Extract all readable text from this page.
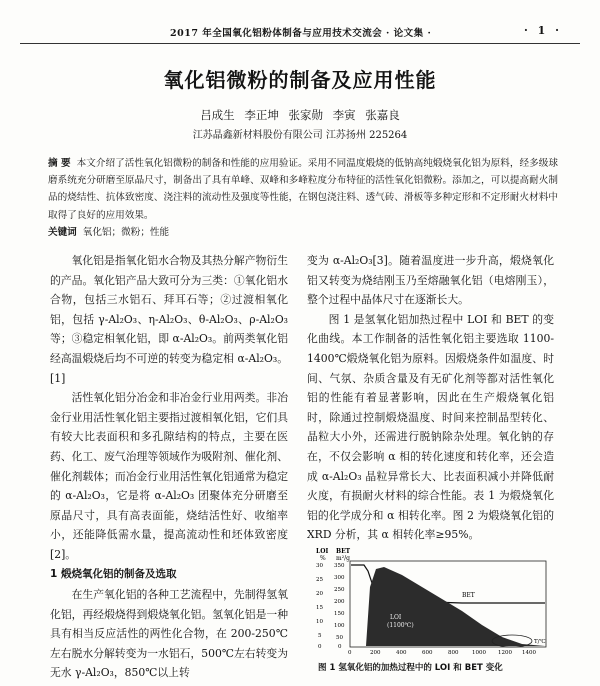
2017 年全国氧化铝粉体制备与应用技术交流会 · 论文集 ·	· 1 ·
氧化铝微粉的制备及应用性能
吕成生 李正坤 张家勋 李寅 张嘉良
江苏晶鑫新材料股份有限公司 江苏扬州 225264
摘 要 本文介绍了活性氧化铝微粉的制备和性能的应用验证。采用不同温度煅烧的低钠高纯煅烧氧化铝为原料，经多级球磨系统充分研磨至原晶尺寸，制备出了具有单峰、双峰和多峰粒度分布特征的活性氧化铝微粉。添加之，可以提高耐火制品的烧结性、抗体致密度、浇注料的流动性及强度等性能，在钢包浇注料、透气砖、滑板等多种定形和不定形耐火材料中取得了良好的应用效果。
关键词 氧化铝；微粉；性能

氧化铝是指氧化铝水合物及其热分解产物衍生的产品。氧化铝产品大致可分为三类：①氧化铝水合物，包括三水铝石、拜耳石等；②过渡相氧化铝，包括 γ-Al₂O₃、η-Al₂O₃、θ-Al₂O₃、ρ-Al₂O₃ 等；③稳定相氧化铝，即 α-Al₂O₃。前两类氧化铝经高温煅烧后均不可逆的转变为稳定相 α-Al₂O₃。[1]

活性氧化铝分冶金和非冶金行业用两类。非冶金行业用活性氧化铝主要指过渡相氧化铝，它们具有较大比表面积和多孔隙结构的特点，主要在医药、化工、废气治理等领域作为吸附剂、催化剂、催化剂载体；而冶金行业用活性氧化铝通常为稳定的 α-Al₂O₃，它是将 α-Al₂O₃ 团聚体充分研磨至原晶尺寸，具有高表面能，烧结活性好、收缩率小，还能降低需水量，提高流动性和坯体致密度[2]。

1 煅烧氧化铝的制备及选取

在生产氧化铝的各种工艺流程中，先制得氢氧化铝，再经煅烧得到煅烧氧化铝。氢氧化铝是一种具有相当反应活性的两性化合物，在 200-250℃左右脱水分解转变为一水铝石，500℃左右转变为无水 γ-Al₂O₃，850℃以上转

变为 α-Al₂O₃[3]。随着温度进一步升高，煅烧氧化铝又转变为烧结刚玉乃至熔融氧化铝（电熔刚玉），整个过程中晶体尺寸在逐渐长大。

图 1 是氢氧化铝加热过程中 LOI 和 BET 的变化曲线。本工作制备的活性氧化铝主要选取 1100-1400℃煅烧氧化铝为原料。因煅烧条件如温度、时间、气氛、杂质含量及有无矿化剂等都对活性氧化铝的性能有着显著影响，因此在生产煅烧氧化铝时，除通过控制煅烧温度、时间来控制晶型转化、晶粒大小外，还需进行脱钠除杂处理。氧化钠的存在，不仅会影响 α 相的转化速度和转化率，还会造成 α-Al₂O₃ 晶粒异常长大、比表面积减小并降低耐火度，有损耐火材料的综合性能。表 1 为煅烧氧化铝的化学成分和 α 相转化率。图 2 为煅烧氧化铝的 XRD 分析，其 α 相转化率≥95%。

LOI
%
BET
m²/g
30
25
20
15
10
5
0
350
300
250
200
150
100
50
0
LOI
(1100℃)
BET
0	200	400	600	800 1000 1200 1400
T/℃
图 1 氢氧化铝的加热过程中的 LOI 和 BET 变化
